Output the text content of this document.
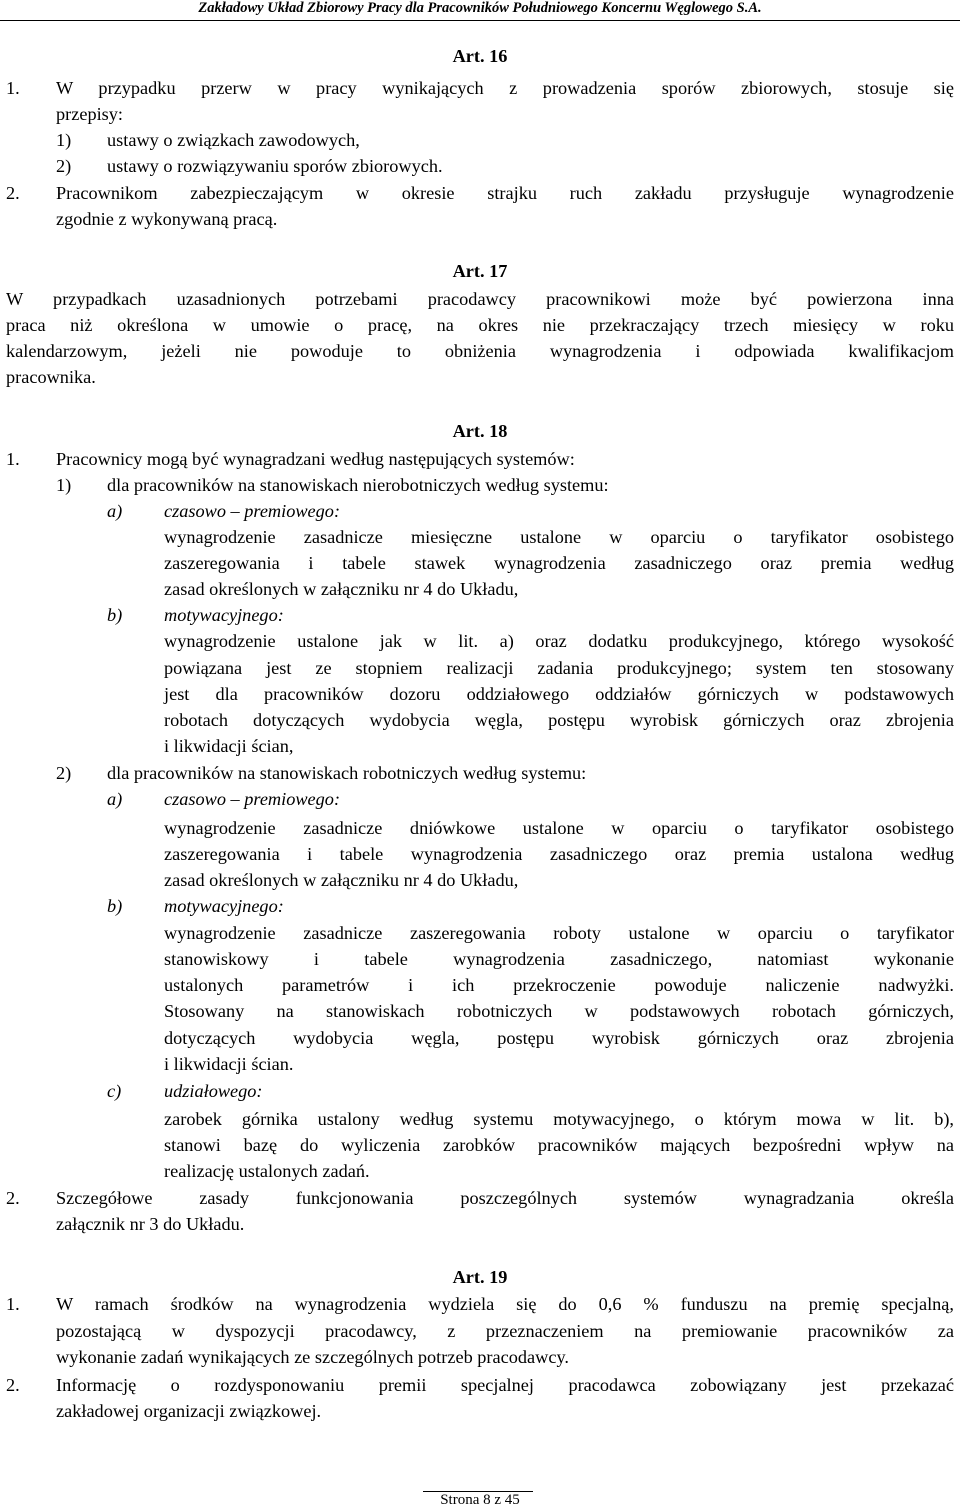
Zakładowy Układ Zbiorowy Pracy dla Pracowników Południowego Koncernu Węglowego S.A.
Art. 16
1. W przypadku przerw w pracy wynikających z prowadzenia sporów zbiorowych, stosuje się
przepisy:
1) ustawy o związkach zawodowych,
2) ustawy o rozwiązywaniu sporów zbiorowych.
2. Pracownikom zabezpieczającym w okresie strajku ruch zakładu przysługuje wynagrodzenie
zgodnie z wykonywaną pracą.
Art. 17
W przypadkach uzasadnionych potrzebami pracodawcy pracownikowi może być powierzona inna
praca niż określona w umowie o pracę, na okres nie przekraczający trzech miesięcy w roku
kalendarzowym, jeżeli nie powoduje to obniżenia wynagrodzenia i odpowiada kwalifikacjom
pracownika.
Art. 18
1. Pracownicy mogą być wynagradzani według następujących systemów:
1) dla pracowników na stanowiskach nierobotniczych według systemu:
a) czasowo – premiowego:
wynagrodzenie zasadnicze miesięczne ustalone w oparciu o taryfikator osobistego
zaszeregowania i tabele stawek wynagrodzenia zasadniczego oraz premia według
zasad określonych w załączniku nr 4 do Układu,
b) motywacyjnego:
wynagrodzenie ustalone jak w lit. a) oraz dodatku produkcyjnego, którego wysokość
powiązana jest ze stopniem realizacji zadania produkcyjnego; system ten stosowany
jest dla pracowników dozoru oddziałowego oddziałów górniczych w podstawowych
robotach dotyczących wydobycia węgla, postępu wyrobisk górniczych oraz zbrojenia
i likwidacji ścian,
2) dla pracowników na stanowiskach robotniczych według systemu:
a) czasowo – premiowego:
wynagrodzenie zasadnicze dniówkowe ustalone w oparciu o taryfikator osobistego
zaszeregowania i tabele wynagrodzenia zasadniczego oraz premia ustalona według
zasad określonych w załączniku nr 4 do Układu,
b) motywacyjnego:
wynagrodzenie zasadnicze zaszeregowania roboty ustalone w oparciu o taryfikator
stanowiskowy i tabele wynagrodzenia zasadniczego, natomiast wykonanie
ustalonych parametrów i ich przekroczenie powoduje naliczenie nadwyżki.
Stosowany na stanowiskach robotniczych w podstawowych robotach górniczych,
dotyczących wydobycia węgla, postępu wyrobisk górniczych oraz zbrojenia
i likwidacji ścian.
c) udziałowego:
zarobek górnika ustalony według systemu motywacyjnego, o którym mowa w lit. b),
stanowi bazę do wyliczenia zarobków pracowników mających bezpośredni wpływ na
realizację ustalonych zadań.
2. Szczegółowe zasady funkcjonowania poszczególnych systemów wynagradzania określa
załącznik nr 3 do Układu.
Art. 19
1. W ramach środków na wynagrodzenia wydziela się do 0,6 % funduszu na premię specjalną,
pozostającą w dyspozycji pracodawcy, z przeznaczeniem na premiowanie pracowników za
wykonanie zadań wynikających ze szczególnych potrzeb pracodawcy.
2. Informację o rozdysponowaniu premii specjalnej pracodawca zobowiązany jest przekazać
zakładowej organizacji związkowej.
Strona 8 z 45
